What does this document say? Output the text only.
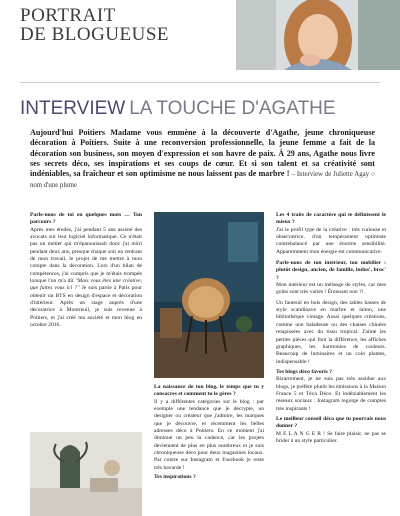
PORTRAIT
DE BLOGUEUSE
INTERVIEW LA TOUCHE D'AGATHE
Aujourd'hui Poitiers Madame vous emmène à la découverte d'Agathe, jeune chroniqueuse décoration à Poitiers. Suite à une reconversion professionnelle, la jeune femme a fait de la décoration son business, son moyen d'expression et son havre de paix. À 29 ans, Agathe nous livre ses secrets déco, ses inspirations et ses coups de cœur. Et si son talent et sa créativité sont indéniables, sa fraîcheur et son optimisme ne nous laissent pas de marbre ! – Interview de Juliette Agay ○ nom d'une plume

Parle-nous de toi en quelques mots … Ton parcours ?

Après mes études, j'ai pendant 5 ans assisté des avocats sur leur logiciel informatique. Ce n'était pas un métier qui m'épanouissait donc j'ai mûri pendant deux ans, presque chaque soir en rentrant de mon travail, le projet de me mettre à mon compte dans la décoration. Lors d'un bilan de compétences, j'ai compris que je m'étais trompée lorsque l'on m'a dit "Mais vous êtes une créative, que faites vous ici ?" Je suis partie à Paris pour obtenir un BTS en design d'espace et décoration d'intérieur. Après un stage auprès d'une décoratrice à Montreuil, je suis revenue à Poitiers, et j'ai créé ma société et mon blog en octobre 2016.

La naissance de ton blog, le temps que tu y consacres et comment tu le gères ?

Il y a différentes catégories sur le blog : par exemple une tendance que je décrypte, un designer ou créateur que j'admire, les marques que je découvre, et récemment les belles adresses déco à Poitiers. En ce moment j'ai diminué un peu la cadence, car les projets deviennent de plus en plus nombreux et je suis chroniqueuse déco pour deux magazines locaux. Par contre sur Instagram et Facebook je reste très bavarde !

Tes inspirations ?

Les 4 traits de caractère qui te définissent le mieux ?

J'ai le profil type de la créative : très curieuse et observatrice, d'un tempérament optimiste contrebalancé par une énorme sensibilité. Apparemment mon énergie est communicative.

Parle-nous de ton intérieur, ton mobilier : plutôt design, ancien, de famille, indus', broc' ?

Mon intérieur est un mélange de styles, car mes goûts sont très variés ! Étonnant non ?!

Un fauteuil en bois design, des tables basses de style scandinave en marbre et laiton, une bibliothèque vintage. Aussi quelques créations, comme une baladeuse ou des chaises chinées retapissées avec du tissu tropical. J'aime les petites pièces qui font la différence, les affiches graphiques, les harmonies de couleurs. Beaucoup de luminaires et un coin plantes, indispensable !

Tes blogs déco favoris ?

Bizarrement, je ne suis pas très assidue aux blogs, je préfère plutôt les émissions à la Maison France 5 et Téva Déco. Et indéniablement les réseaux sociaux : Instagram regorge de comptes très inspirants !

Le meilleur conseil déco que tu pourrais nous donner ?

M E L A N G E R ! Se faire plaisir, ne pas se brider à un style particulier.
